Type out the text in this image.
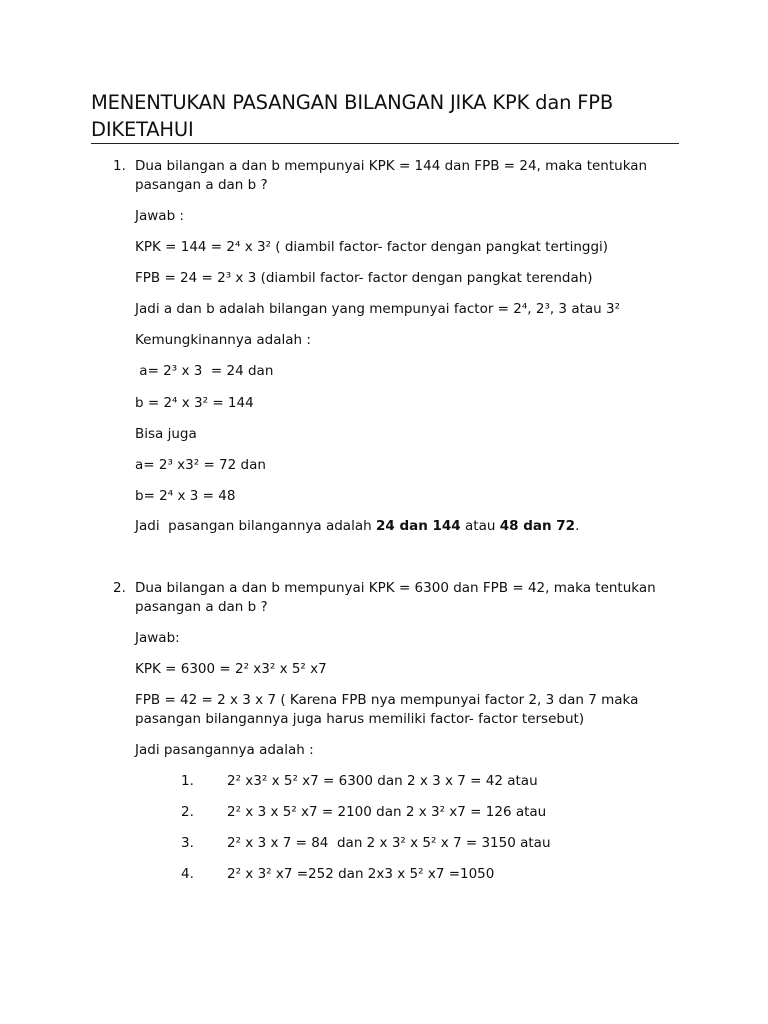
MENENTUKAN PASANGAN BILANGAN JIKA KPK dan FPB
DIKETAHUI
1. Dua bilangan a dan b mempunyai KPK = 144 dan FPB = 24, maka tentukan
pasangan a dan b ?
Jawab :
KPK = 144 = 2⁴ x 3² ( diambil factor- factor dengan pangkat tertinggi)
FPB = 24 = 2³ x 3 (diambil factor- factor dengan pangkat terendah)
Jadi a dan b adalah bilangan yang mempunyai factor = 2⁴, 2³, 3 atau 3²
Kemungkinannya adalah :
a= 2³ x 3  = 24 dan
b = 2⁴ x 3² = 144
Bisa juga
a= 2³ x3² = 72 dan
b= 2⁴ x 3 = 48
Jadi  pasangan bilangannya adalah 24 dan 144 atau 48 dan 72.
2. Dua bilangan a dan b mempunyai KPK = 6300 dan FPB = 42, maka tentukan
pasangan a dan b ?
Jawab:
KPK = 6300 = 2² x3² x 5² x7
FPB = 42 = 2 x 3 x 7 ( Karena FPB nya mempunyai factor 2, 3 dan 7 maka
pasangan bilangannya juga harus memiliki factor- factor tersebut)
Jadi pasangannya adalah :
1. 2² x3² x 5² x7 = 6300 dan 2 x 3 x 7 = 42 atau
2. 2² x 3 x 5² x7 = 2100 dan 2 x 3² x7 = 126 atau
3. 2² x 3 x 7 = 84  dan 2 x 3² x 5² x 7 = 3150 atau
4. 2² x 3² x7 =252 dan 2x3 x 5² x7 =1050
